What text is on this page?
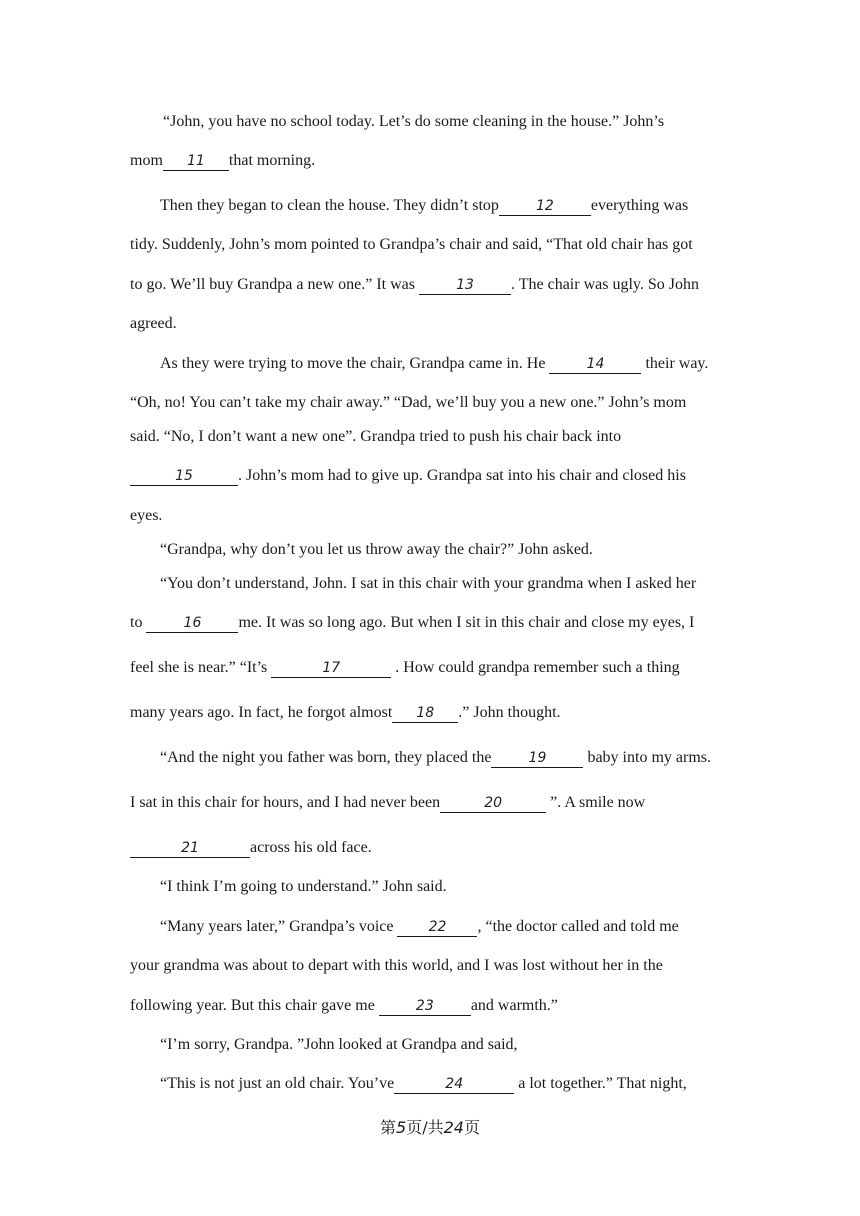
“John, you have no school today. Let’s do some cleaning in the house.” John’s
mom 11 that morning.
Then they began to clean the house. They didn’t stop	12 everything was
tidy. Suddenly, John’s mom pointed to Grandpa’s chair and said, “That old chair has got
to go. We’ll buy Grandpa a new one.” It was	13 . The chair was ugly. So John
agreed.
As they were trying to move the chair, Grandpa came in. He	14 their way.
“Oh, no! You can’t take my chair away.” “Dad, we’ll buy you a new one.” John’s mom
said. “No, I don’t want a new one”. Grandpa tried to push his chair back into
15	. John’s mom had to give up. Grandpa sat into his chair and closed his
eyes.
“Grandpa, why don’t you let us throw away the chair?” John asked.
“You don’t understand, John. I sat in this chair with your grandma when I asked her
to	16 me. It was so long ago. But when I sit in this chair and close my eyes, I
feel she is near.” “It’s	17	. How could grandpa remember such a thing
many years ago. In fact, he forgot almost 18 .” John thought.
“And the night you father was born, they placed the	19 baby into my arms.
I sat in this chair for hours, and I had never been	20	”. A smile now
21	across his old face.
“I think I’m going to understand.” John said.
“Many years later,” Grandpa’s voice 22 , “the doctor called and told me
your grandma was about to depart with this world, and I was lost without her in the
following year. But this chair gave me	23 and warmth.”
“I’m sorry, Grandpa. ”John looked at Grandpa and said,
“This is not just an old chair. You’ve	24	a lot together.” That night,
第5页/共24页
